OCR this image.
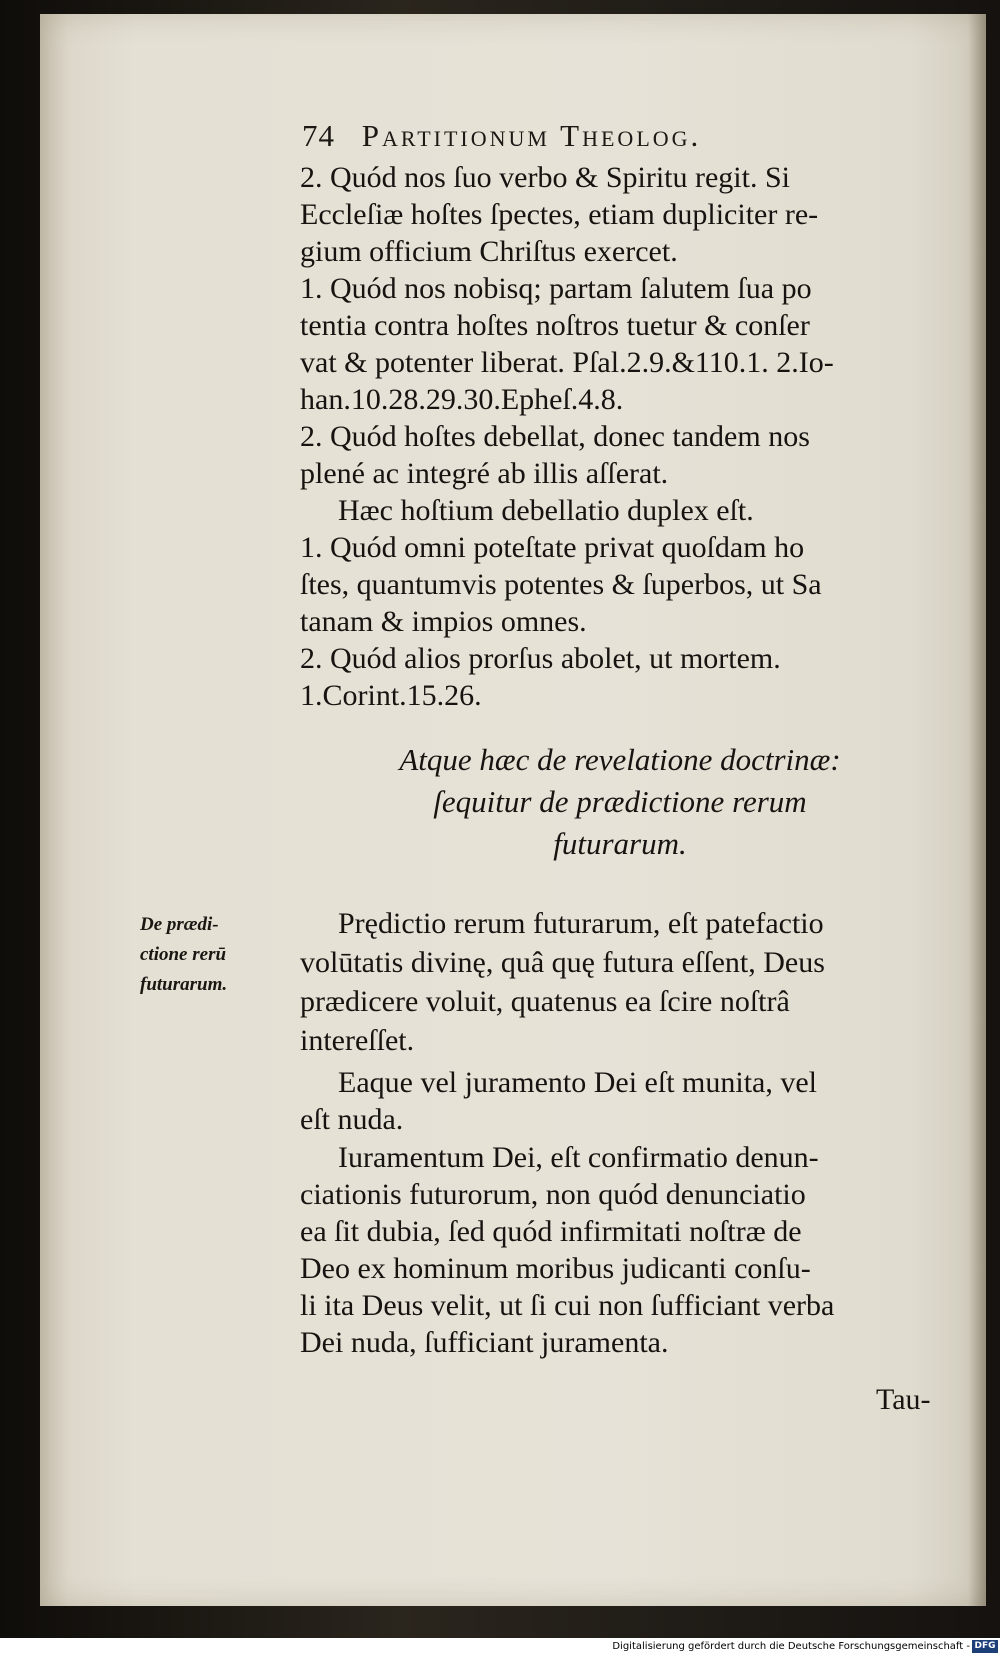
74 Partitionum Theolog.
2. Quód nos ſuo verbo & Spiritu regit. Si
Eccleſiæ hoſtes ſpectes, etiam dupliciter re-
gium officium Chriſtus exercet.
1. Quód nos nobisq; partam ſalutem ſua po
tentia contra hoſtes noſtros tuetur & conſer
vat & potenter liberat. Pſal.2.9.&110.1. 2.Io-
han.10.28.29.30.Epheſ.4.8.
2. Quód hoſtes debellat, donec tandem nos
plené ac integré ab illis aſſerat.
Hæc hoſtium debellatio duplex eſt.
1. Quód omni poteſtate privat quoſdam ho
ſtes, quantumvis potentes & ſuperbos, ut Sa
tanam & impios omnes.
2. Quód alios prorſus abolet, ut mortem.
1.Corint.15.26.
Atque hæc de revelatione doctrinæ:
ſequitur de prædictione rerum
futurarum.
De prædi-
ctione rerū
futurarum.
Prędictio rerum futurarum, eſt patefactio
volūtatis divinę, quâ quę futura eſſent, Deus
prædicere voluit, quatenus ea ſcire noſtrâ
intereſſet.
Eaque vel juramento Dei eſt munita, vel
eſt nuda.
Iuramentum Dei, eſt confirmatio denun-
ciationis futurorum, non quód denunciatio
ea ſit dubia, ſed quód infirmitati noſtræ de
Deo ex hominum moribus judicanti conſu-
li ita Deus velit, ut ſi cui non ſufficiant verba
Dei nuda, ſufficiant juramenta.
Tau-
Digitalisierung gefördert durch die Deutsche Forschungsgemeinschaft - DFG
